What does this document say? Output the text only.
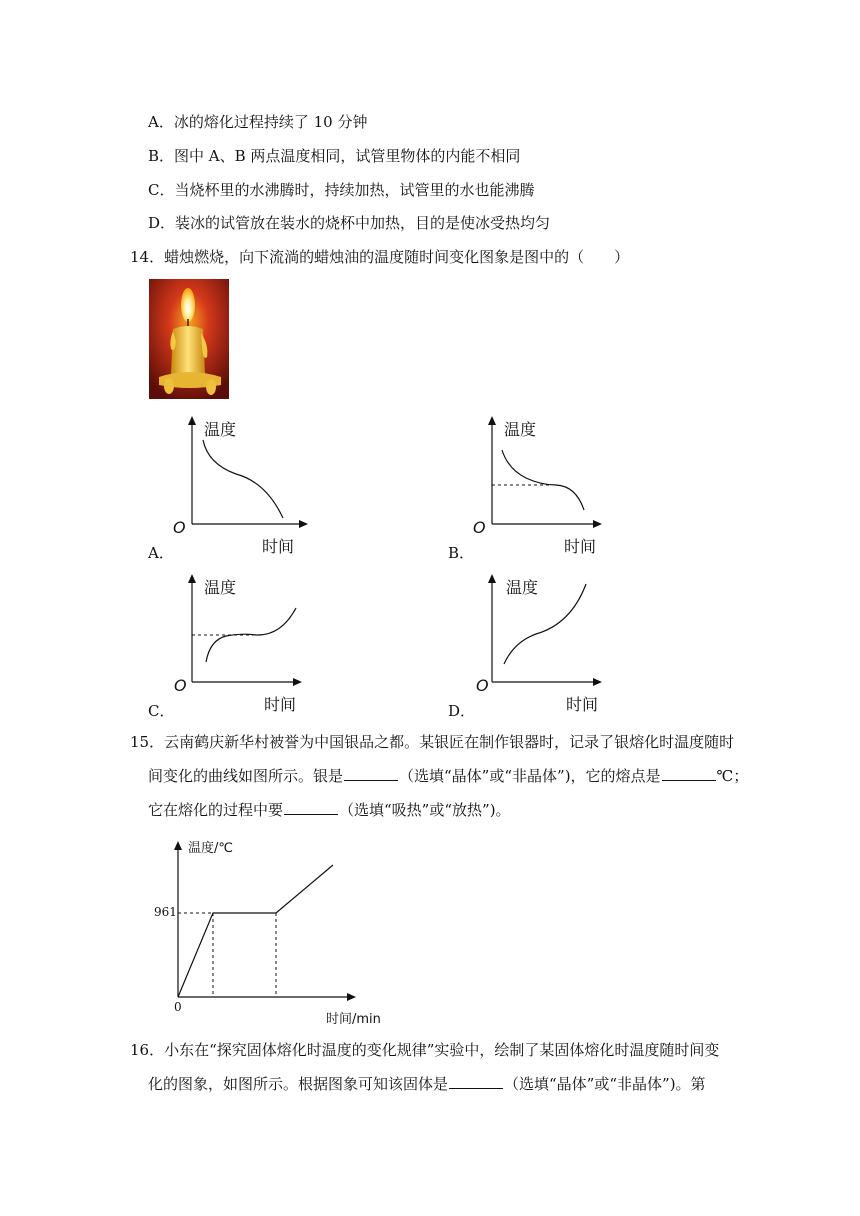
A．冰的熔化过程持续了 10 分钟
B．图中 A、B 两点温度相同，试管里物体的内能不相同
C．当烧杯里的水沸腾时，持续加热，试管里的水也能沸腾
D．装冰的试管放在装水的烧杯中加热，目的是使冰受热均匀
14．蜡烛燃烧，向下流淌的蜡烛油的温度随时间变化图象是图中的（　　）
温度
O
时间
A．
温度
O
时间
B．
温度
O
时间
C．
温度
O
时间
D．
15．云南鹤庆新华村被誉为中国银品之都。某银匠在制作银器时，记录了银熔化时温度随时
间变化的曲线如图所示。银是	（选填“晶体”或“非晶体”)，它的熔点是	℃；
它在熔化的过程中要	（选填“吸热”或“放热”)。
温度/℃
961
0
时间/min
16．小东在“探究固体熔化时温度的变化规律”实验中，绘制了某固体熔化时温度随时间变
化的图象，如图所示。根据图象可知该固体是	（选填“晶体”或“非晶体”)。第
